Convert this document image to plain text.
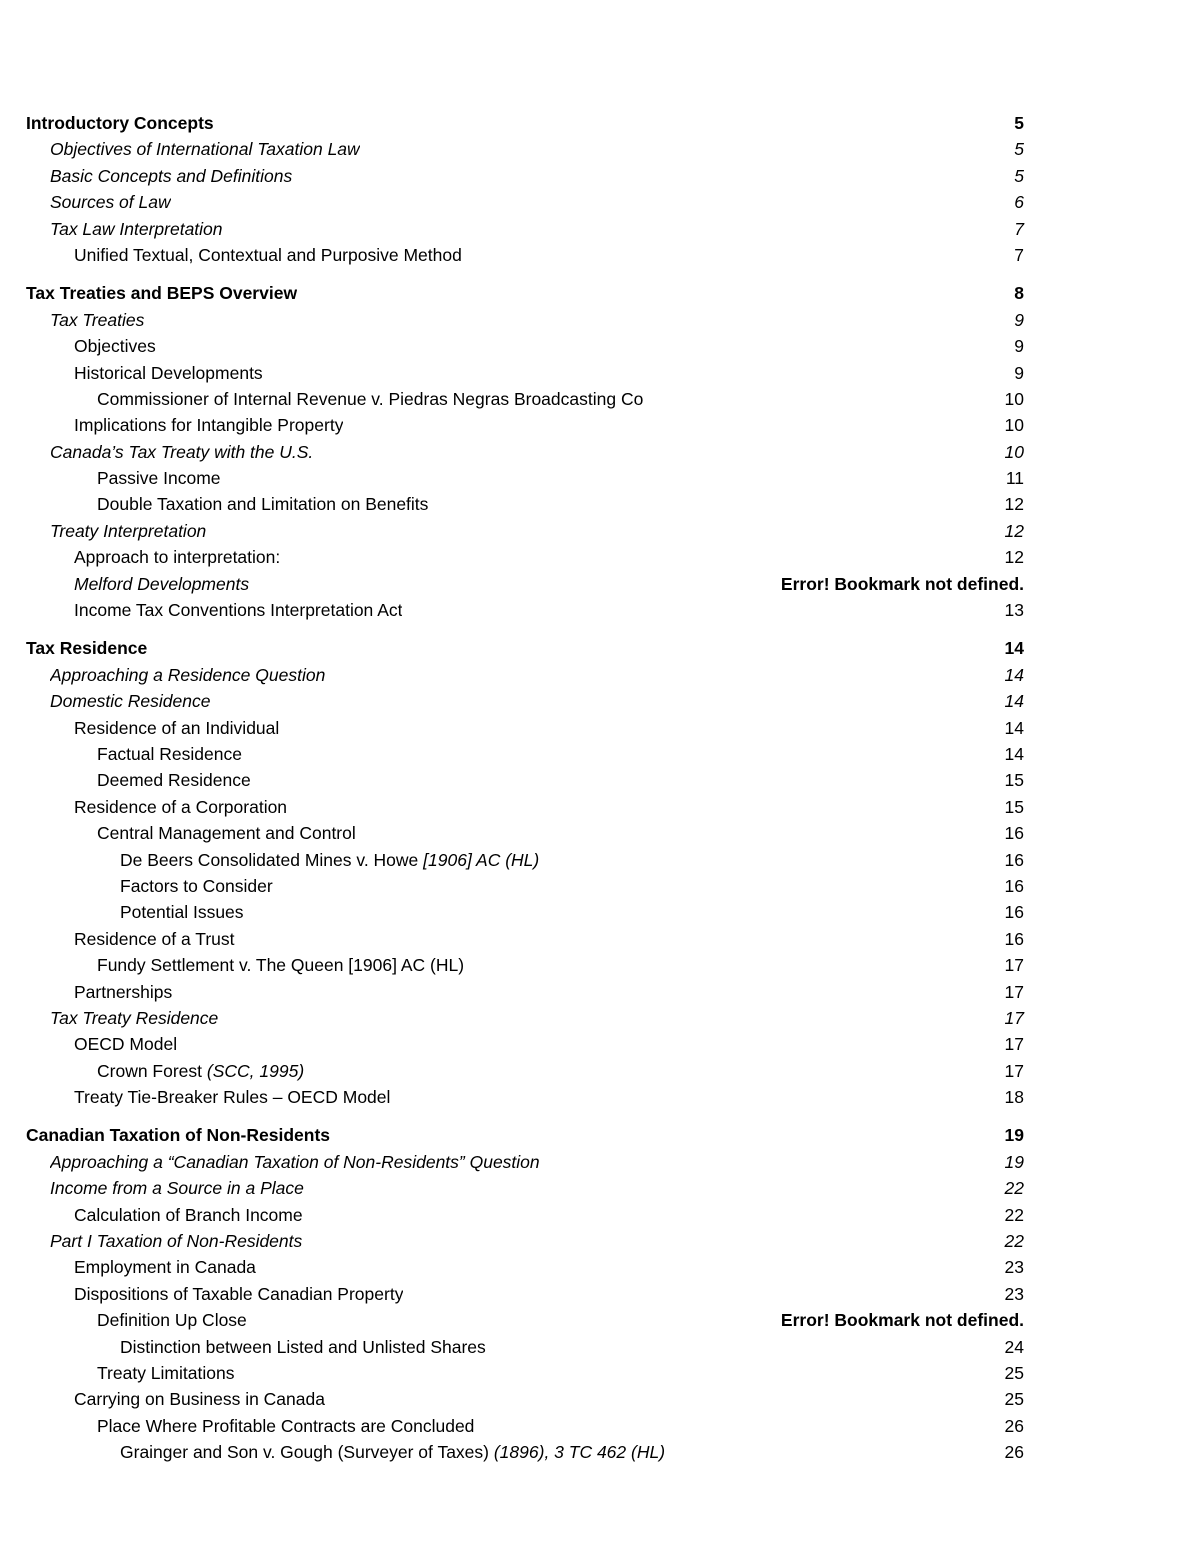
Introductory Concepts	5
Objectives of International Taxation Law	5
Basic Concepts and Definitions	5
Sources of Law	6
Tax Law Interpretation	7
Unified Textual, Contextual and Purposive Method	7
Tax Treaties and BEPS Overview	8
Tax Treaties	9
Objectives	9
Historical Developments	9
Commissioner of Internal Revenue v. Piedras Negras Broadcasting Co	10
Implications for Intangible Property	10
Canada’s Tax Treaty with the U.S.	10
Passive Income	11
Double Taxation and Limitation on Benefits	12
Treaty Interpretation	12
Approach to interpretation:	12
Melford Developments	Error! Bookmark not defined.
Income Tax Conventions Interpretation Act	13
Tax Residence	14
Approaching a Residence Question	14
Domestic Residence	14
Residence of an Individual	14
Factual Residence	14
Deemed Residence	15
Residence of a Corporation	15
Central Management and Control	16
De Beers Consolidated Mines v. Howe [1906] AC (HL)	16
Factors to Consider	16
Potential Issues	16
Residence of a Trust	16
Fundy Settlement v. The Queen [1906] AC (HL)	17
Partnerships	17
Tax Treaty Residence	17
OECD Model	17
Crown Forest (SCC, 1995)	17
Treaty Tie-Breaker Rules – OECD Model	18
Canadian Taxation of Non-Residents	19
Approaching a “Canadian Taxation of Non-Residents” Question	19
Income from a Source in a Place	22
Calculation of Branch Income	22
Part I Taxation of Non-Residents	22
Employment in Canada	23
Dispositions of Taxable Canadian Property	23
Definition Up Close	Error! Bookmark not defined.
Distinction between Listed and Unlisted Shares	24
Treaty Limitations	25
Carrying on Business in Canada	25
Place Where Profitable Contracts are Concluded	26
Grainger and Son v. Gough (Surveyer of Taxes) (1896), 3 TC 462 (HL)	26
